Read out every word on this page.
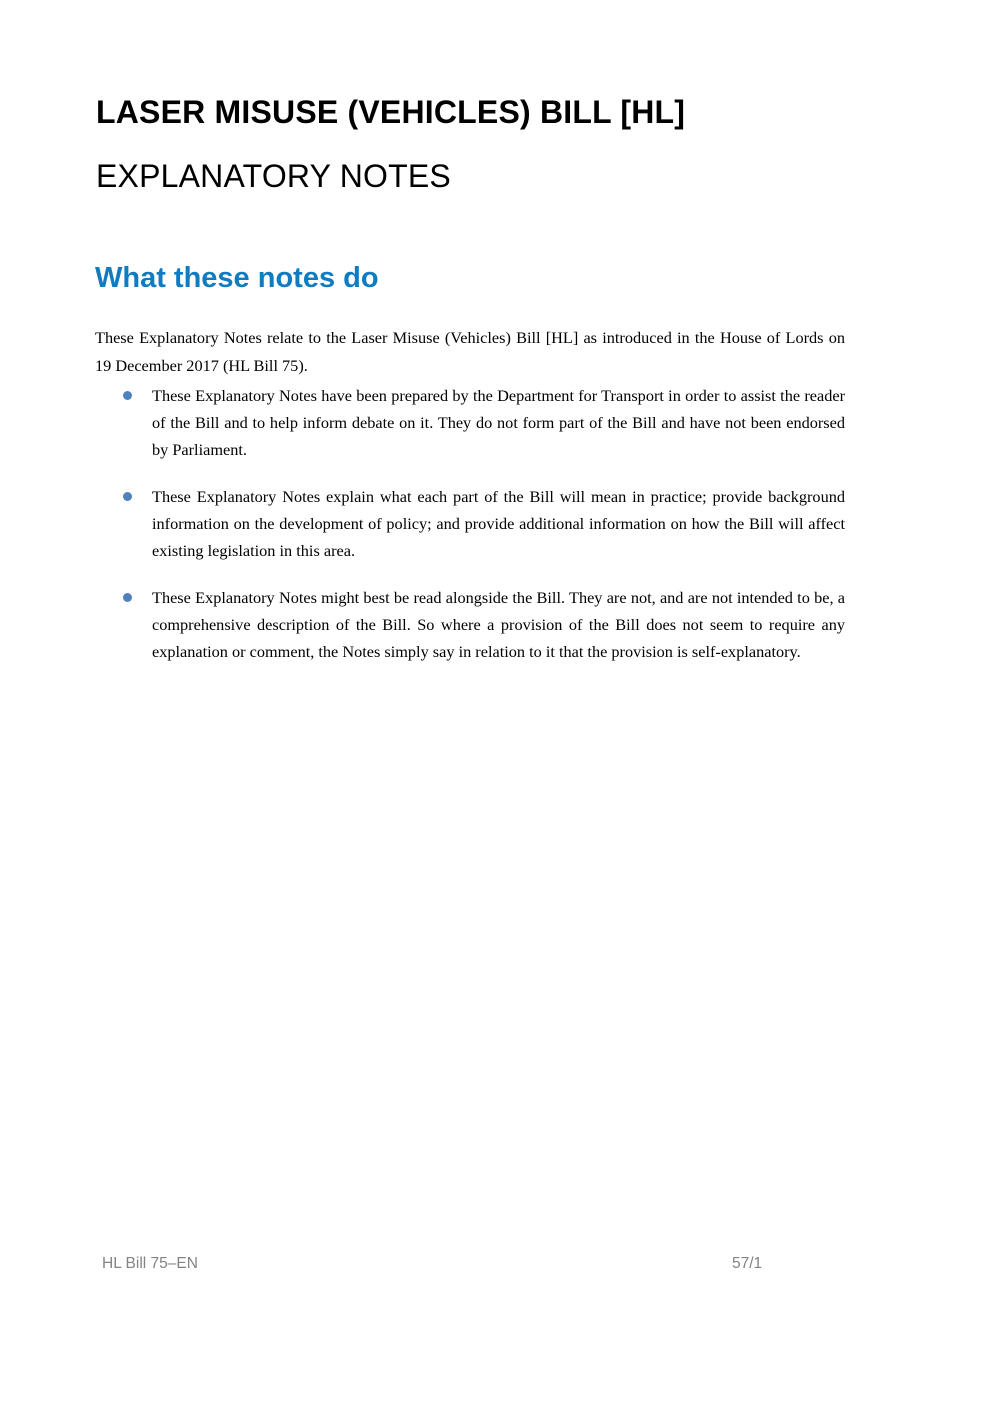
LASER MISUSE (VEHICLES) BILL [HL]
EXPLANATORY NOTES
What these notes do

These Explanatory Notes relate to the Laser Misuse (Vehicles) Bill [HL] as introduced in the House of Lords on 19 December 2017 (HL Bill 75).

These Explanatory Notes have been prepared by the Department for Transport in order to assist the reader of the Bill and to help inform debate on it. They do not form part of the Bill and have not been endorsed by Parliament.
These Explanatory Notes explain what each part of the Bill will mean in practice; provide background information on the development of policy; and provide additional information on how the Bill will affect existing legislation in this area.
These Explanatory Notes might best be read alongside the Bill. They are not, and are not intended to be, a comprehensive description of the Bill. So where a provision of the Bill does not seem to require any explanation or comment, the Notes simply say in relation to it that the provision is self-explanatory.
HL Bill 75–EN	57/1
